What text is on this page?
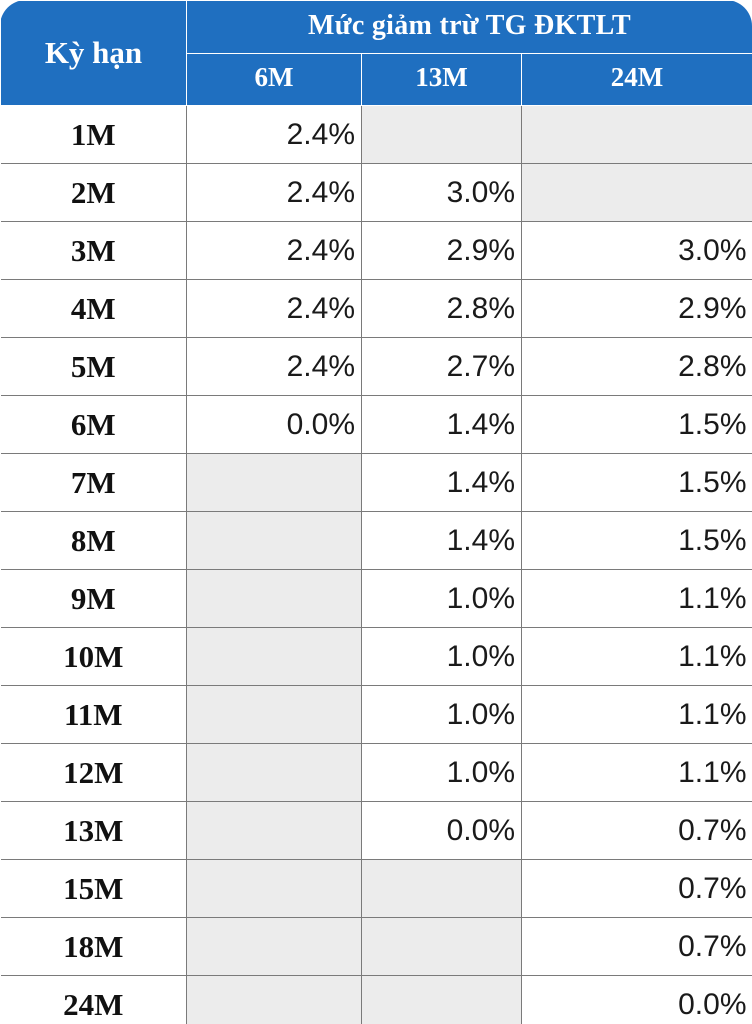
Kỳ hạn	Mức giảm trừ TG ĐKTLT		
	6M	13M	24M
1M	2.4%		
2M	2.4%	3.0%	
3M	2.4%	2.9%	3.0%
4M	2.4%	2.8%	2.9%
5M	2.4%	2.7%	2.8%
6M	0.0%	1.4%	1.5%
7M		1.4%	1.5%
8M		1.4%	1.5%
9M		1.0%	1.1%
10M		1.0%	1.1%
11M		1.0%	1.1%
12M		1.0%	1.1%
13M		0.0%	0.7%
15M			0.7%
18M			0.7%
24M			0.0%
